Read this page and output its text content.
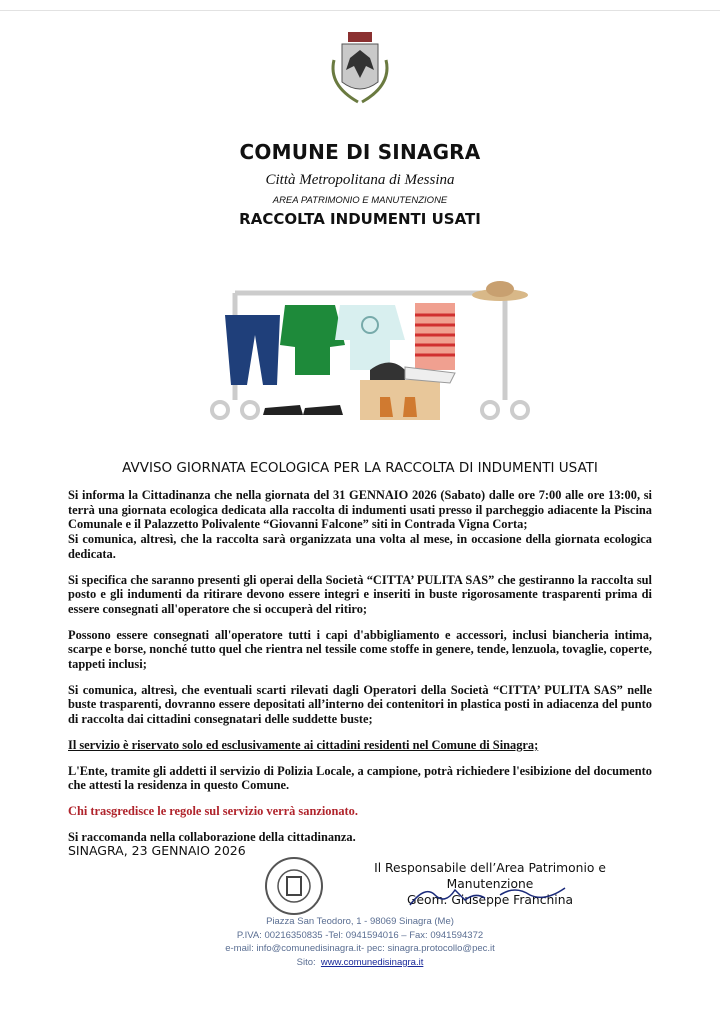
COMUNE DI SINAGRA
Città Metropolitana di Messina
AREA PATRIMONIO E MANUTENZIONE
RACCOLTA INDUMENTI USATI
AVVISO GIORNATA ECOLOGICA PER LA RACCOLTA DI INDUMENTI USATI

Si informa la Cittadinanza che nella giornata del 31 GENNAIO 2026 (Sabato) dalle ore 7:00 alle ore 13:00, si terrà una giornata ecologica dedicata alla raccolta di indumenti usati presso il parcheggio adiacente la Piscina Comunale e il Palazzetto Polivalente “Giovanni Falcone” siti in Contrada Vigna Corta;

Si comunica, altresì, che la raccolta sarà organizzata una volta al mese, in occasione della giornata ecologica dedicata.

Si specifica che saranno presenti gli operai della Società “CITTA’ PULITA SAS” che gestiranno la raccolta sul posto e gli indumenti da ritirare devono essere integri e inseriti in buste rigorosamente trasparenti prima di essere consegnati all'operatore che si occuperà del ritiro;

Possono essere consegnati all'operatore tutti i capi d'abbigliamento e accessori, inclusi biancheria intima, scarpe e borse, nonché tutto quel che rientra nel tessile come stoffe in genere, tende, lenzuola, tovaglie, coperte, tappeti inclusi;

Si comunica, altresì, che eventuali scarti rilevati dagli Operatori della Società “CITTA’ PULITA SAS” nelle buste trasparenti, dovranno essere depositati all’interno dei contenitori in plastica posti in adiacenza del punto di raccolta dai cittadini consegnatari delle suddette buste;

Il servizio è riservato solo ed esclusivamente ai cittadini residenti nel Comune di Sinagra;

L'Ente, tramite gli addetti il servizio di Polizia Locale, a campione, potrà richiedere l'esibizione del documento che attesti la residenza in questo Comune.

Chi trasgredisce le regole sul servizio verrà sanzionato.

Si raccomanda nella collaborazione della cittadinanza.

SINAGRA, 23 GENNAIO 2026
Il Responsabile dell’Area Patrimonio e Manutenzione
Geom. Giuseppe Franchina
Piazza San Teodoro, 1 - 98069 Sinagra (Me)
P.IVA: 00216350835 -Tel: 0941594016 – Fax: 0941594372
e-mail: info@comunedisinagra.it- pec: sinagra.protocollo@pec.it
Sito: www.comunedisinagra.it
